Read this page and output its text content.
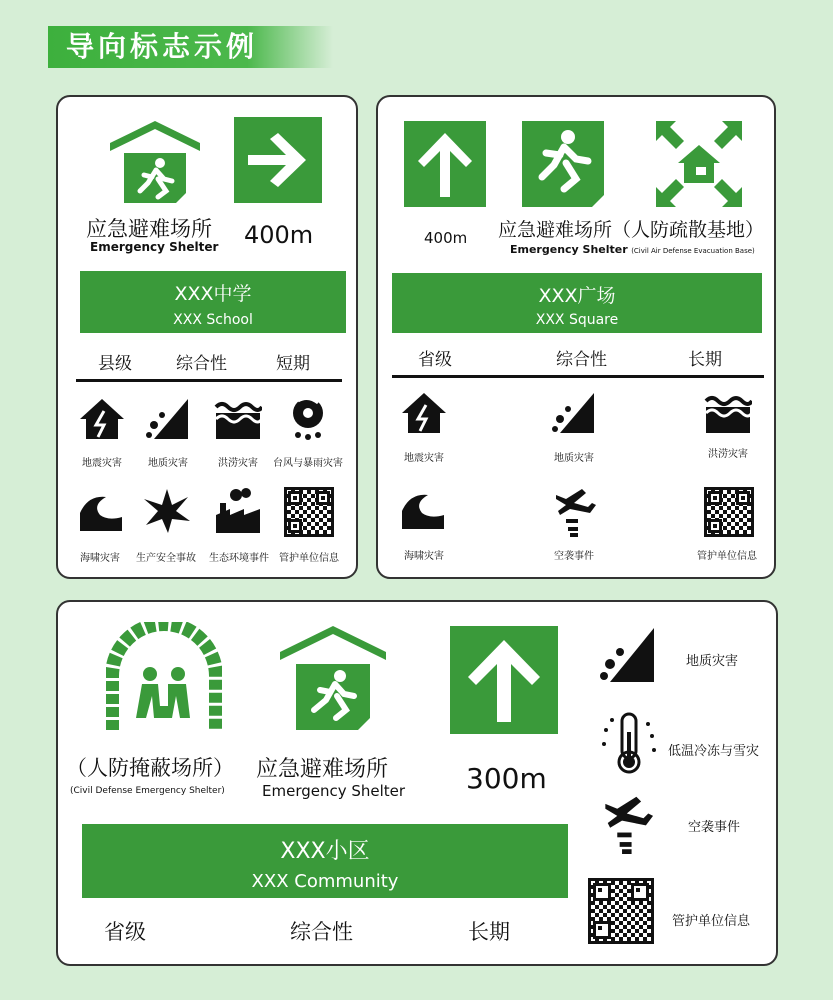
导向标志示例
应急避难场所
Emergency Shelter 400m
XXX中学
XXX School
县级	综合性	短期
地震灾害	地质灾害	洪涝灾害	台风与暴雨灾害
海啸灾害	生产安全事故	生态环境事件	管护单位信息
400m 应急避难场所（人防疏散基地）
Emergency Shelter (Civil Air Defense Evacuation Base)
XXX广场
XXX Square
省级	综合性	长期
地震灾害	地质灾害	洪涝灾害
海啸灾害	空袭事件	管护单位信息
（人防掩蔽场所）
(Civil Defense Emergency Shelter)
应急避难场所
Emergency Shelter 300m
XXX小区
XXX Community
省级	综合性	长期
地质灾害
低温冷冻与雪灾
空袭事件
管护单位信息
